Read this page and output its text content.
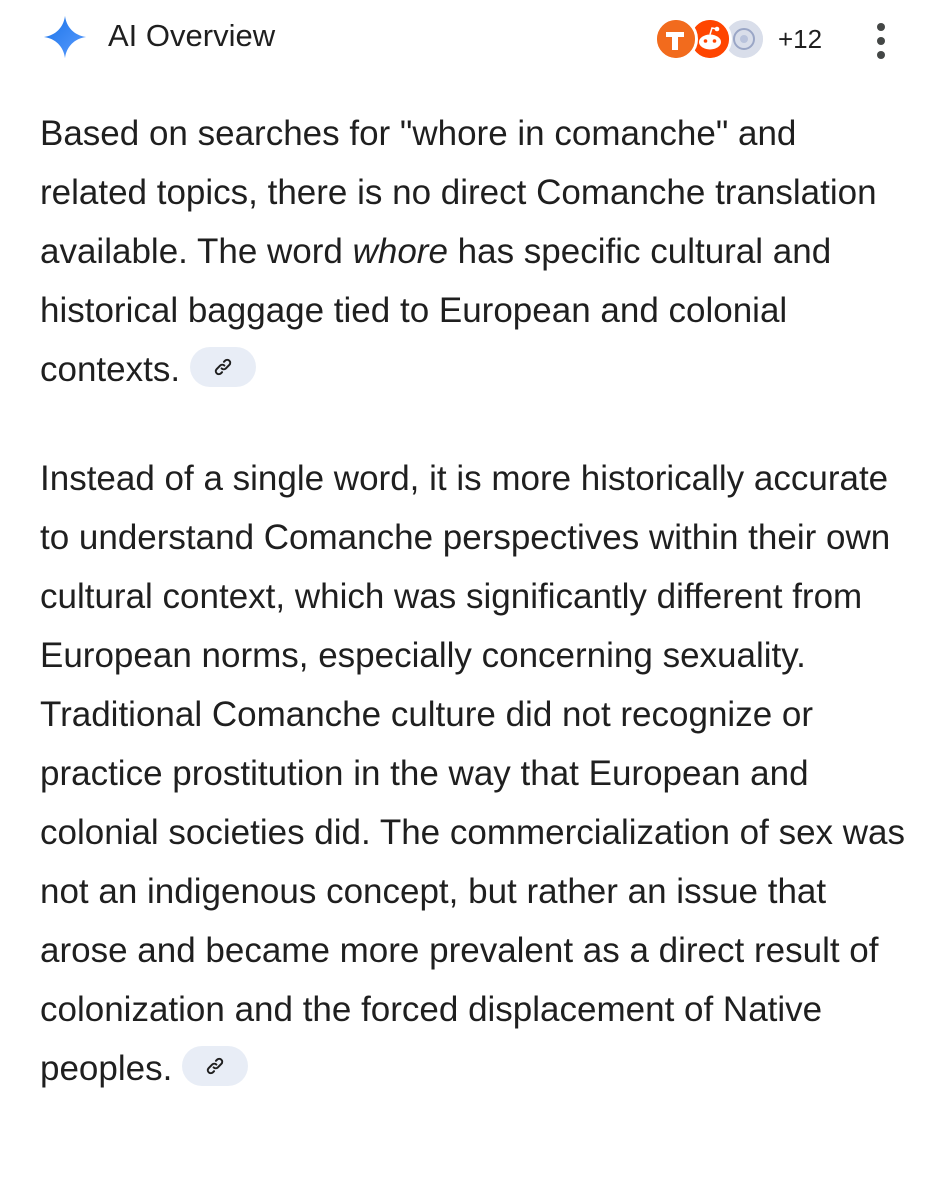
AI Overview	+12

Based on searches for "whore in comanche" and related topics, there is no direct Comanche translation available. The word whore has specific cultural and historical baggage tied to European and colonial contexts.

Instead of a single word, it is more historically accurate to understand Comanche perspectives within their own cultural context, which was significantly different from European norms, especially concerning sexuality. Traditional Comanche culture did not recognize or practice prostitution in the way that European and colonial societies did. The commercialization of sex was not an indigenous concept, but rather an issue that arose and became more prevalent as a direct result of colonization and the forced displacement of Native peoples.
